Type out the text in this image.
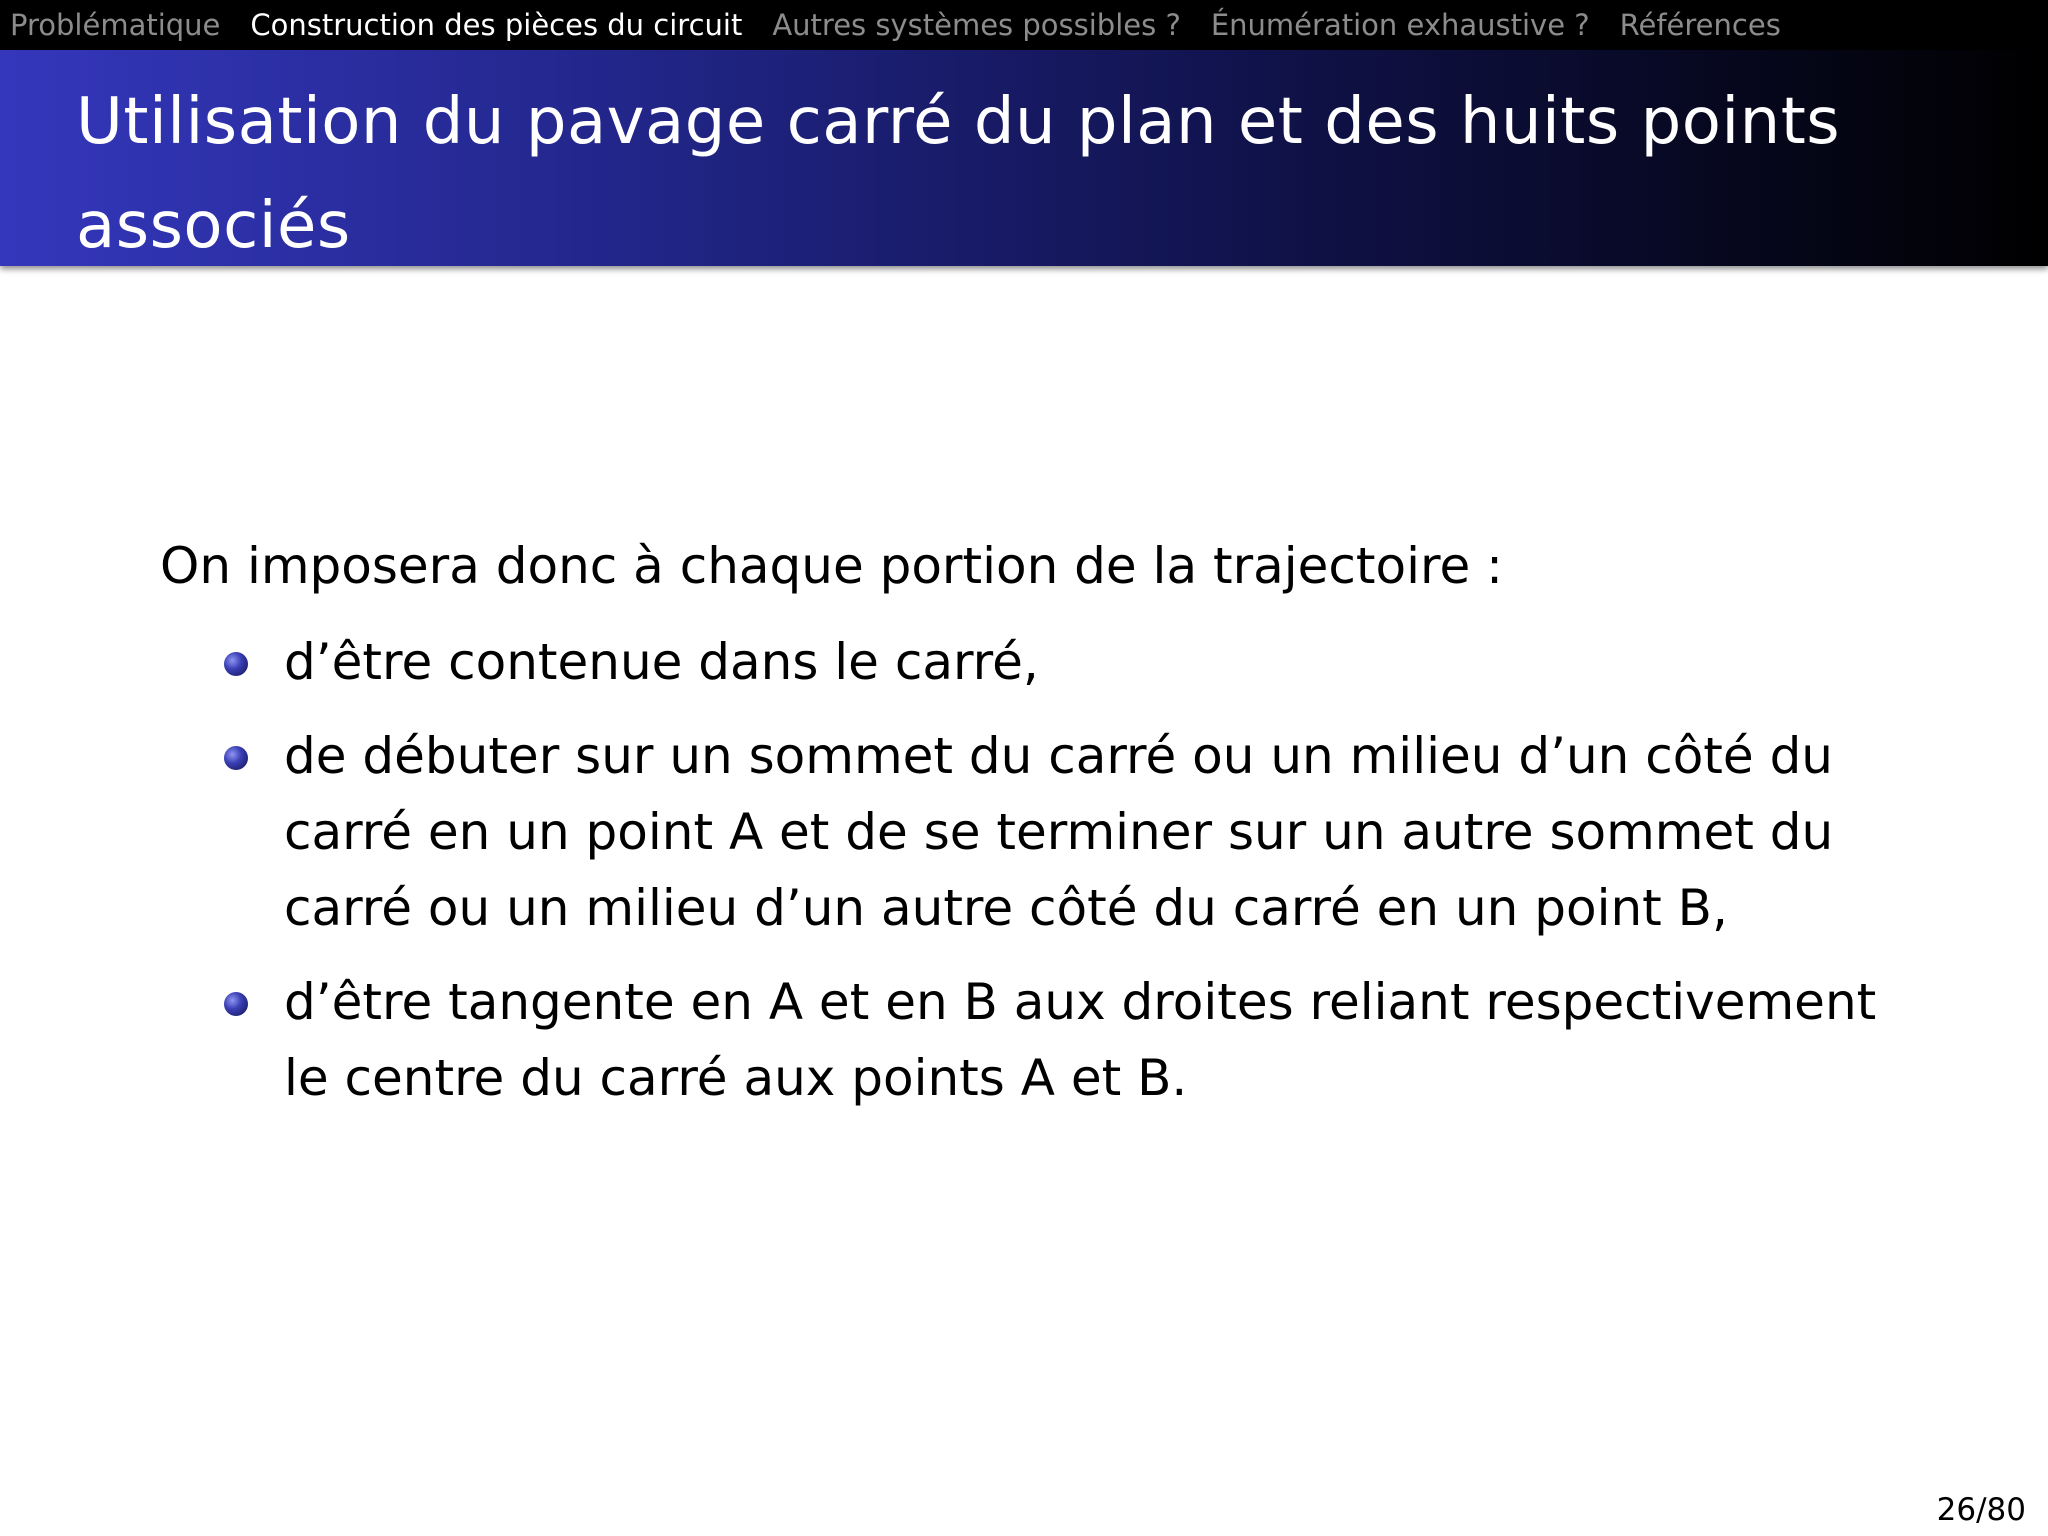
Problématique Construction des pièces du circuit Autres systèmes possibles ? Énumération exhaustive ? Références
Utilisation du pavage carré du plan et des huits points associés

On imposera donc à chaque portion de la trajectoire :

d’être contenue dans le carré,
de débuter sur un sommet du carré ou un milieu d’un côté du carré en un point A et de se terminer sur un autre sommet du carré ou un milieu d’un autre côté du carré en un point B,
d’être tangente en A et en B aux droites reliant respectivement le centre du carré aux points A et B.
26/80
